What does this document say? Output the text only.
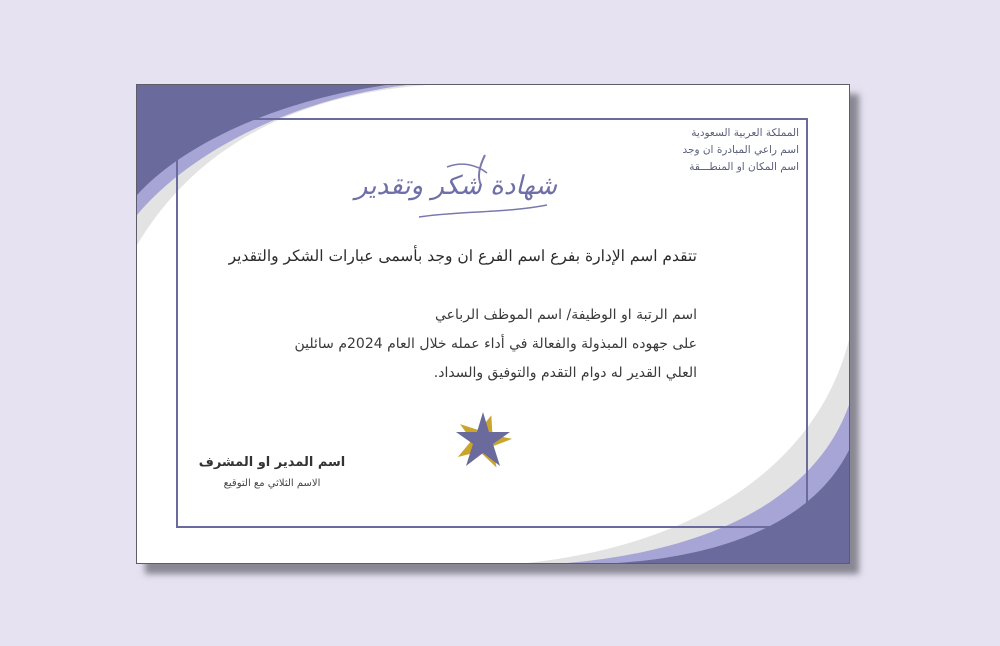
المملكة العربية السعودية
اسم راعي المبادرة ان وجد
اسم المكان او المنطـــقة
شهادة شكر وتقدير
تتقدم اسم الإدارة بفرع اسم الفرع ان وجد بأسمى عبارات الشكر والتقدير
اسم الرتبة او الوظيفة/ اسم الموظف الرباعي
على جهوده المبذولة والفعالة في أداء عمله خلال العام 2024م سائلين
العلي القدير له دوام التقدم والتوفيق والسداد.
اسم المدير او المشرف
الاسم الثلاثي مع التوقيع
